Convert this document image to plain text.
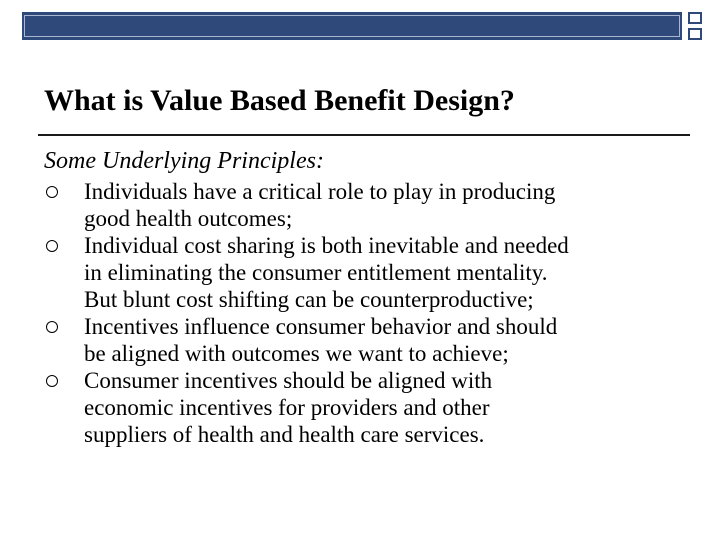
What is Value Based Benefit Design?

Some Underlying Principles:

Individuals have a critical role to play in producing
good health outcomes;
Individual cost sharing is both inevitable and needed
in eliminating the consumer entitlement mentality.
But blunt cost shifting can be counterproductive;
Incentives influence consumer behavior and should
be aligned with outcomes we want to achieve;
Consumer incentives should be aligned with
economic incentives for providers and other
suppliers of health and health care services.
